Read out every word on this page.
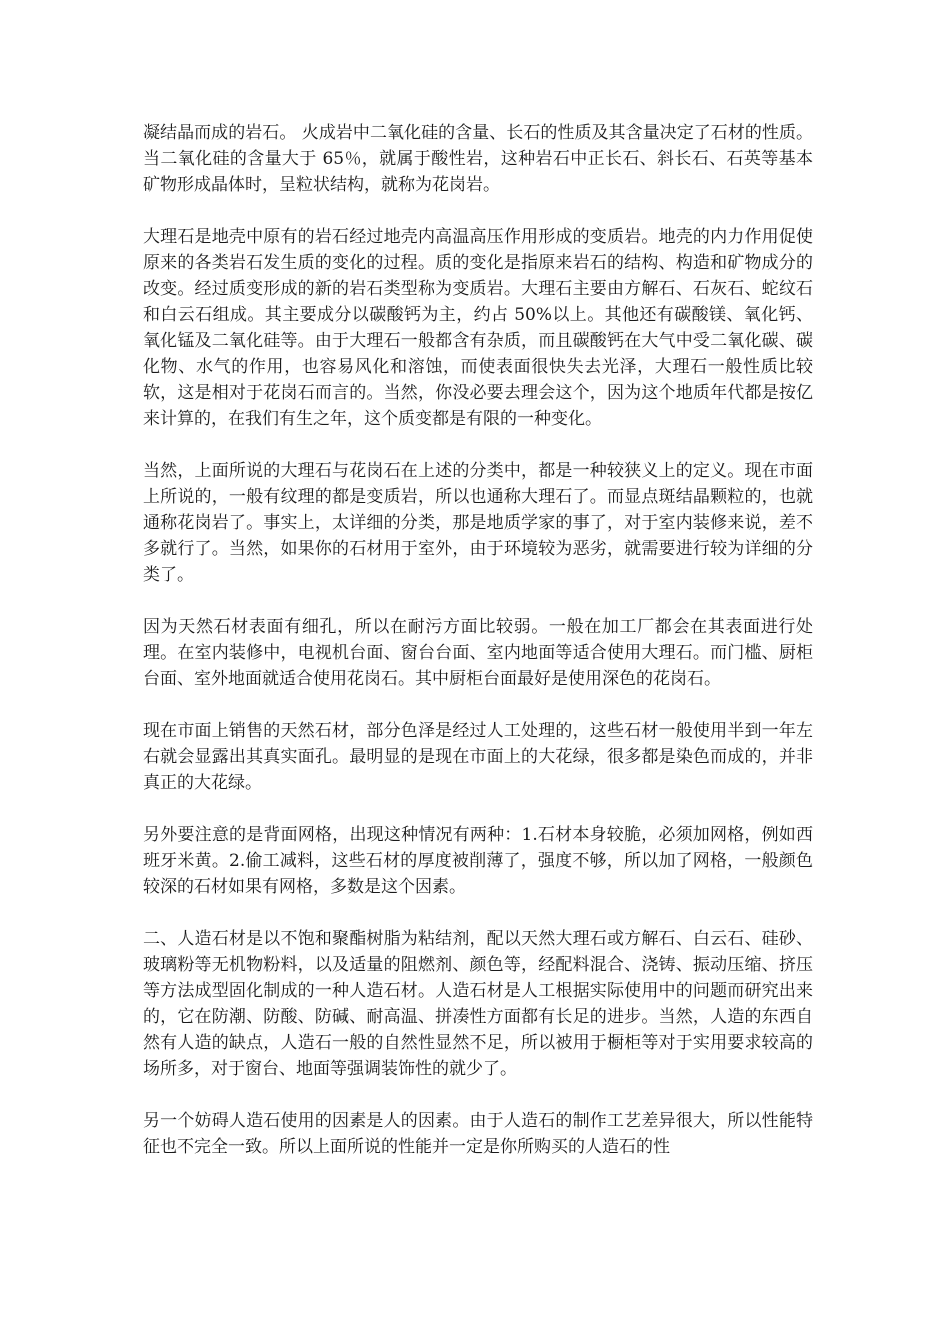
凝结晶而成的岩石。 火成岩中二氧化硅的含量、长石的性质及其含量决定了石材的性质。当二氧化硅的含量大于 65％，就属于酸性岩，这种岩石中正长石、斜长石、石英等基本矿物形成晶体时，呈粒状结构，就称为花岗岩。

大理石是地壳中原有的岩石经过地壳内高温高压作用形成的变质岩。地壳的内力作用促使原来的各类岩石发生质的变化的过程。质的变化是指原来岩石的结构、构造和矿物成分的改变。经过质变形成的新的岩石类型称为变质岩。大理石主要由方解石、石灰石、蛇纹石和白云石组成。其主要成分以碳酸钙为主，约占 50%以上。其他还有碳酸镁、氧化钙、氧化锰及二氧化硅等。由于大理石一般都含有杂质，而且碳酸钙在大气中受二氧化碳、碳化物、水气的作用，也容易风化和溶蚀，而使表面很快失去光泽，大理石一般性质比较软，这是相对于花岗石而言的。当然，你没必要去理会这个，因为这个地质年代都是按亿来计算的，在我们有生之年，这个质变都是有限的一种变化。

当然，上面所说的大理石与花岗石在上述的分类中，都是一种较狭义上的定义。现在市面上所说的，一般有纹理的都是变质岩，所以也通称大理石了。而显点斑结晶颗粒的，也就通称花岗岩了。事实上，太详细的分类，那是地质学家的事了，对于室内装修来说，差不多就行了。当然，如果你的石材用于室外，由于环境较为恶劣，就需要进行较为详细的分类了。

因为天然石材表面有细孔，所以在耐污方面比较弱。一般在加工厂都会在其表面进行处理。在室内装修中，电视机台面、窗台台面、室内地面等适合使用大理石。而门槛、厨柜台面、室外地面就适合使用花岗石。其中厨柜台面最好是使用深色的花岗石。

现在市面上销售的天然石材，部分色泽是经过人工处理的，这些石材一般使用半到一年左右就会显露出其真实面孔。最明显的是现在市面上的大花绿，很多都是染色而成的，并非真正的大花绿。

另外要注意的是背面网格，出现这种情况有两种：1.石材本身较脆，必须加网格，例如西班牙米黄。2.偷工减料，这些石材的厚度被削薄了，强度不够，所以加了网格，一般颜色较深的石材如果有网格，多数是这个因素。

二、人造石材是以不饱和聚酯树脂为粘结剂，配以天然大理石或方解石、白云石、硅砂、玻璃粉等无机物粉料，以及适量的阻燃剂、颜色等，经配料混合、浇铸、振动压缩、挤压等方法成型固化制成的一种人造石材。人造石材是人工根据实际使用中的问题而研究出来的，它在防潮、防酸、防碱、耐高温、拼凑性方面都有长足的进步。当然，人造的东西自然有人造的缺点，人造石一般的自然性显然不足，所以被用于橱柜等对于实用要求较高的场所多，对于窗台、地面等强调装饰性的就少了。

另一个妨碍人造石使用的因素是人的因素。由于人造石的制作工艺差异很大，所以性能特征也不完全一致。所以上面所说的性能并一定是你所购买的人造石的性
